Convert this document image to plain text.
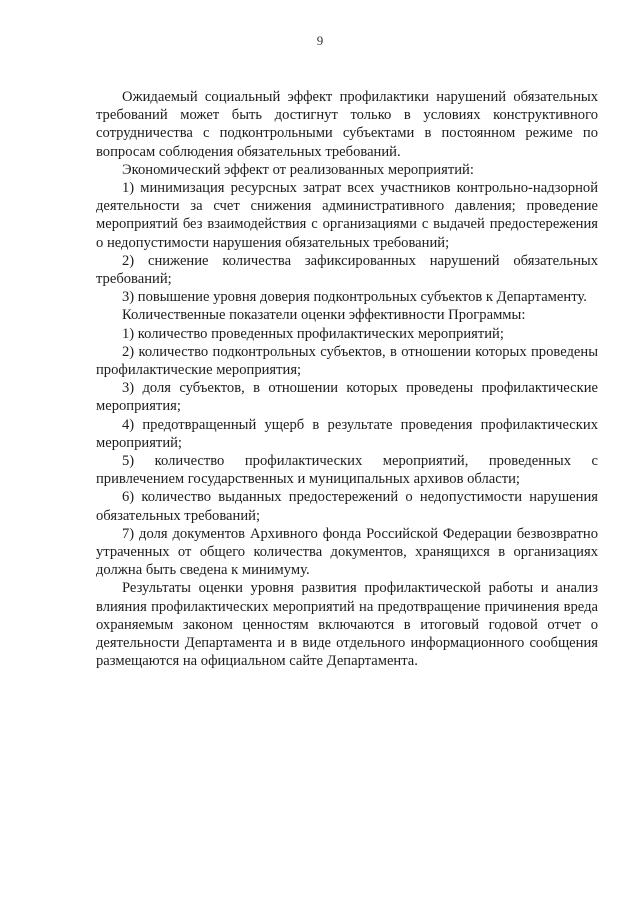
9

Ожидаемый социальный эффект профилактики нарушений обязательных требований может быть достигнут только в условиях конструктивного сотрудничества с подконтрольными субъектами в постоянном режиме по вопросам соблюдения обязательных требований.

Экономический эффект от реализованных мероприятий:

1) минимизация ресурсных затрат всех участников контрольно-надзорной деятельности за счет снижения административного давления; проведение мероприятий без взаимодействия с организациями с выдачей предостережения о недопустимости нарушения обязательных требований;

2) снижение количества зафиксированных нарушений обязательных требований;

3) повышение уровня доверия подконтрольных субъектов к Департаменту.

Количественные показатели оценки эффективности Программы:

1) количество проведенных профилактических мероприятий;

2) количество подконтрольных субъектов, в отношении которых проведены профилактические мероприятия;

3) доля субъектов, в отношении которых проведены профилактические мероприятия;

4) предотвращенный ущерб в результате проведения профилактических мероприятий;

5) количество профилактических мероприятий, проведенных с привлечением государственных и муниципальных архивов области;

6) количество выданных предостережений о недопустимости нарушения обязательных требований;

7) доля документов Архивного фонда Российской Федерации безвозвратно утраченных от общего количества документов, хранящихся в организациях должна быть сведена к минимуму.

Результаты оценки уровня развития профилактической работы и анализ влияния профилактических мероприятий на предотвращение причинения вреда охраняемым законом ценностям включаются в итоговый годовой отчет о деятельности Департамента и в виде отдельного информационного сообщения размещаются на официальном сайте Департамента.
